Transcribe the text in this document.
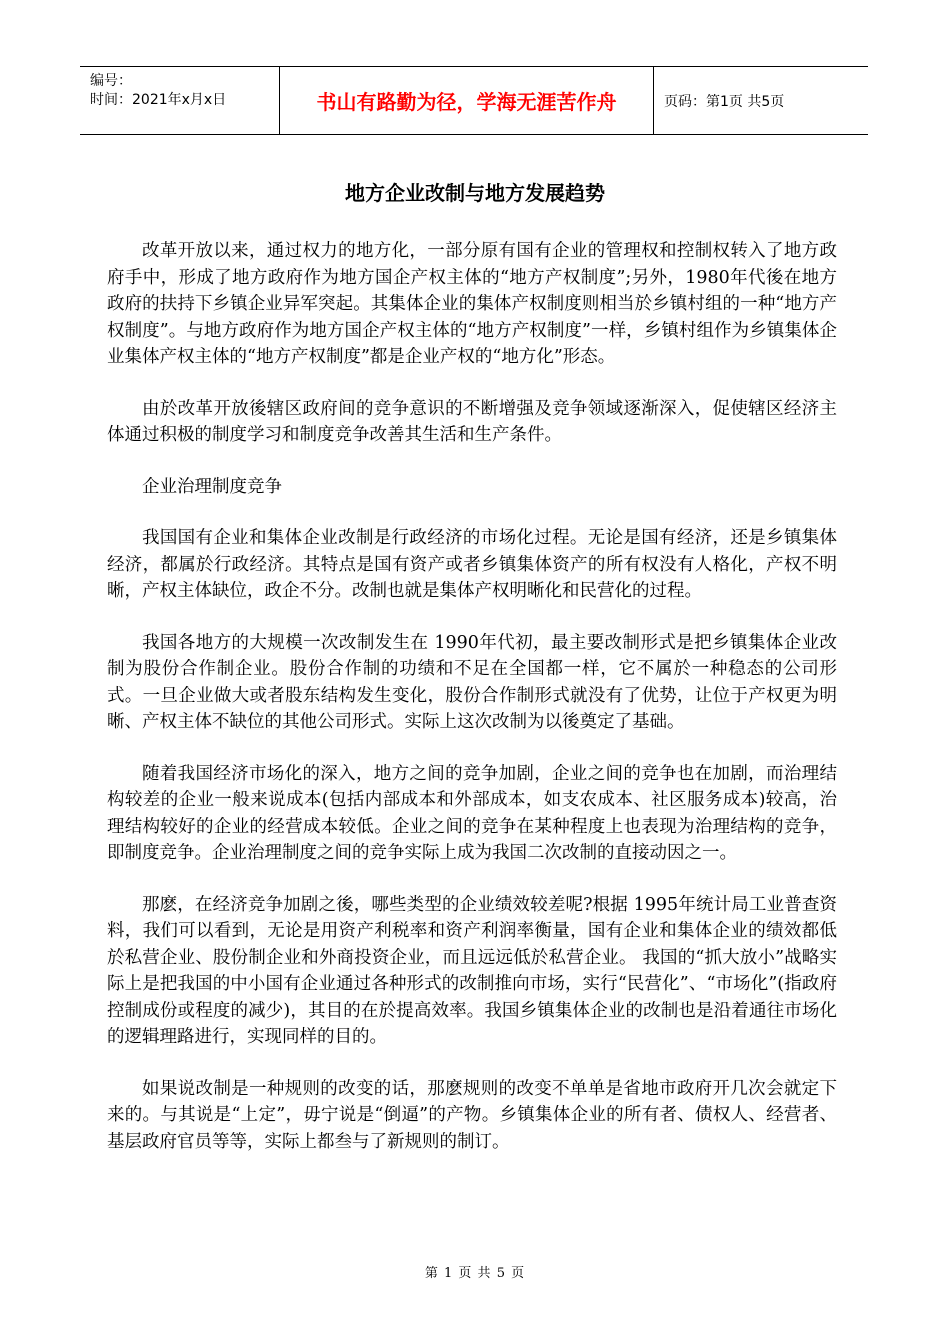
编号：
时间：2021年x月x日	书山有路勤为径，学海无涯苦作舟	页码：第1页 共5页
地方企业改制与地方发展趋势

改革开放以来，通过权力的地方化，一部分原有国有企业的管理权和控制权转入了地方政府手中，形成了地方政府作为地方国企产权主体的“地方产权制度”;另外，1980年代後在地方政府的扶持下乡镇企业异军突起。其集体企业的集体产权制度则相当於乡镇村组的一种“地方产权制度”。与地方政府作为地方国企产权主体的“地方产权制度”一样，乡镇村组作为乡镇集体企业集体产权主体的“地方产权制度”都是企业产权的“地方化”形态。

由於改革开放後辖区政府间的竞争意识的不断增强及竞争领域逐渐深入，促使辖区经济主体通过积极的制度学习和制度竞争改善其生活和生产条件。

企业治理制度竞争

我国国有企业和集体企业改制是行政经济的市场化过程。无论是国有经济，还是乡镇集体经济，都属於行政经济。其特点是国有资产或者乡镇集体资产的所有权没有人格化，产权不明晰，产权主体缺位，政企不分。改制也就是集体产权明晰化和民营化的过程。

我国各地方的大规模一次改制发生在 1990年代初，最主要改制形式是把乡镇集体企业改制为股份合作制企业。股份合作制的功绩和不足在全国都一样，它不属於一种稳态的公司形式。一旦企业做大或者股东结构发生变化，股份合作制形式就没有了优势，让位于产权更为明晰、产权主体不缺位的其他公司形式。实际上这次改制为以後奠定了基础。

随着我国经济市场化的深入，地方之间的竞争加剧，企业之间的竞争也在加剧，而治理结构较差的企业一般来说成本(包括内部成本和外部成本，如支农成本、社区服务成本)较高，治理结构较好的企业的经营成本较低。企业之间的竞争在某种程度上也表现为治理结构的竞争，即制度竞争。企业治理制度之间的竞争实际上成为我国二次改制的直接动因之一。

那麽，在经济竞争加剧之後，哪些类型的企业绩效较差呢?根据 1995年统计局工业普查资料，我们可以看到，无论是用资产利税率和资产利润率衡量，国有企业和集体企业的绩效都低於私营企业、股份制企业和外商投资企业，而且远远低於私营企业。 我国的“抓大放小”战略实际上是把我国的中小国有企业通过各种形式的改制推向市场，实行“民营化”、“市场化”(指政府控制成份或程度的减少)，其目的在於提高效率。我国乡镇集体企业的改制也是沿着通往市场化的逻辑理路进行，实现同样的目的。

如果说改制是一种规则的改变的话，那麽规则的改变不单单是省地市政府开几次会就定下来的。与其说是“上定”，毋宁说是“倒逼”的产物。乡镇集体企业的所有者、债权人、经营者、基层政府官员等等，实际上都叁与了新规则的制订。

第 1 页 共 5 页
